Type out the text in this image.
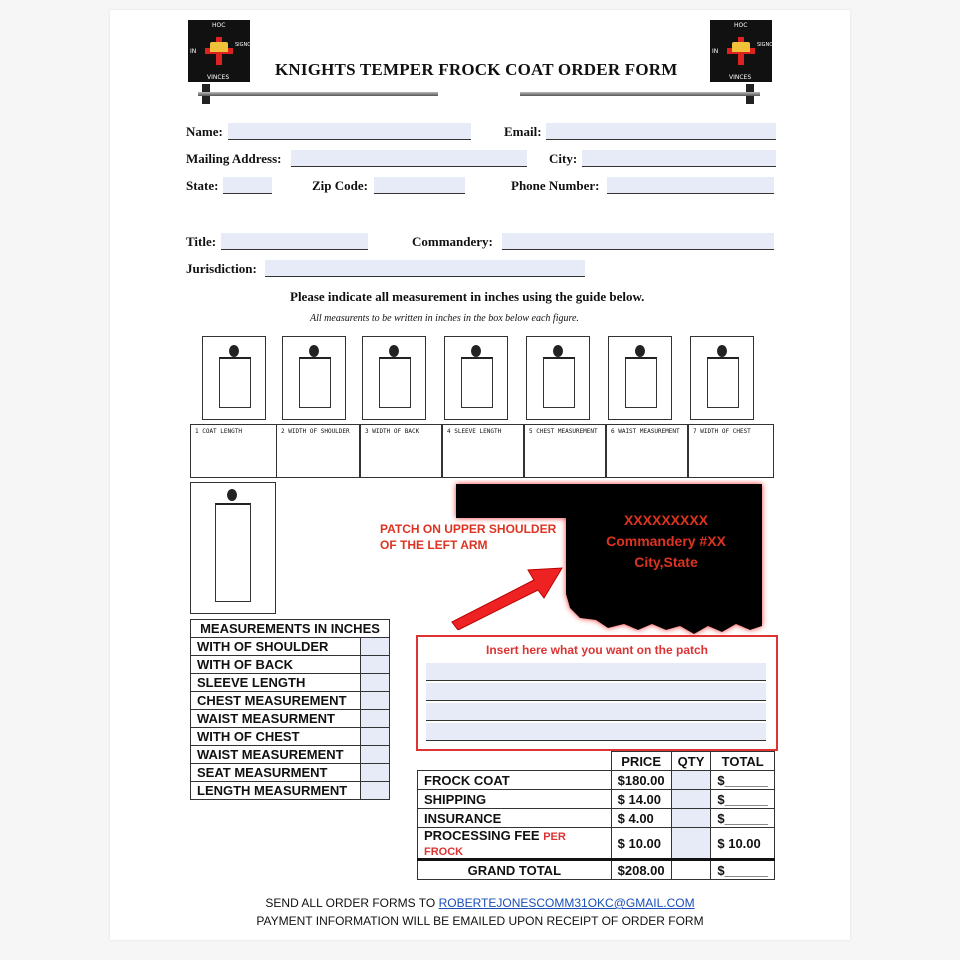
HOC
IN
SIGNO
VINCES
HOC
IN
SIGNO
VINCES
KNIGHTS TEMPER FROCK COAT ORDER FORM
Name:	Email:
Mailing Address:	City:
State:	Zip Code:	Phone Number:
Title:	Commandery:
Jurisdiction:
Please indicate all measurement in inches using the guide below.
All measurents to be written in inches in the box below each figure.
1 COAT LENGTH	2 WIDTH OF SHOULDER	3 WIDTH OF BACK	4 SLEEVE LENGTH	5 CHEST MEASUREMENT	6 WAIST MEASUREMENT	7 WIDTH OF CHEST
MEASUREMENTS IN INCHES	
WITH OF SHOULDER	
WITH OF BACK	
SLEEVE LENGTH	
CHEST MEASUREMENT	
WAIST MEASURMENT	
WITH OF CHEST	
WAIST MEASUREMENT	
SEAT MEASURMENT	
LENGTH MEASURMENT	
PATCH ON UPPER SHOULDER
OF THE LEFT ARM
XXXXXXXXX
Commandery #XX
City,State
Insert here what you want on the patch
	PRICE	QTY	TOTAL
FROCK COAT	$180.00		$______
SHIPPING	$ 14.00		$______
INSURANCE	$ 4.00		$______
PROCESSING FEE PER FROCK	$ 10.00		$ 10.00
GRAND TOTAL	$208.00		$______
SEND ALL ORDER FORMS TO ROBERTEJONESCOMM31OKC@GMAIL.COM
PAYMENT INFORMATION WILL BE EMAILED UPON RECEIPT OF ORDER FORM
